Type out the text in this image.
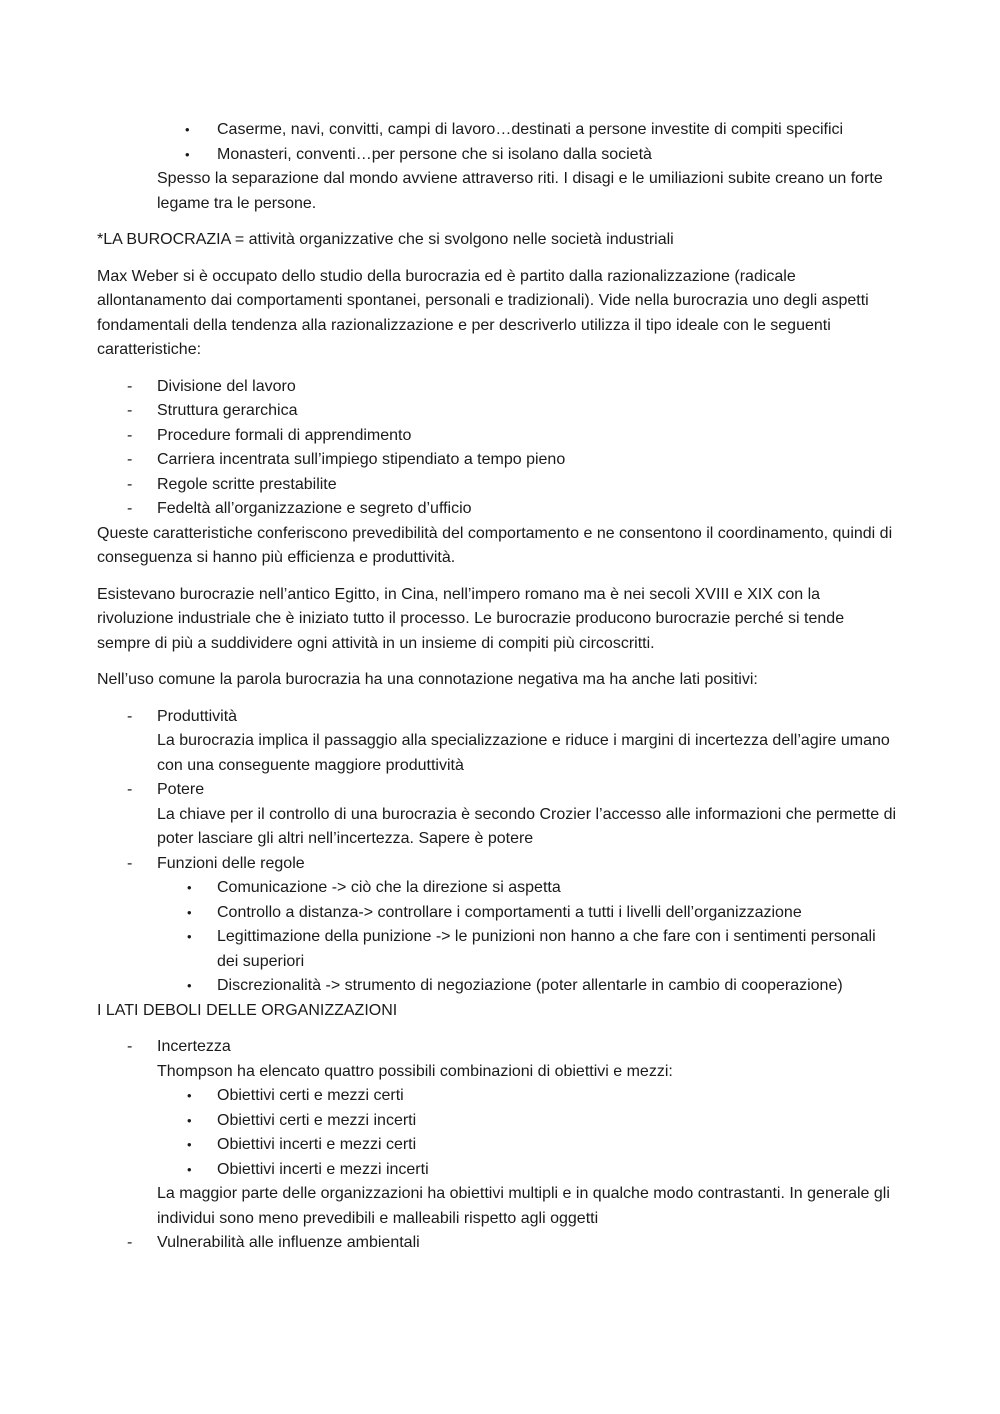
• Caserme, navi, convitti, campi di lavoro…destinati a persone investite di compiti specifici
• Monasteri, conventi…per persone che si isolano dalla società

Spesso la separazione dal mondo avviene attraverso riti. I disagi e le umiliazioni subite creano un forte legame tra le persone.

*LA BUROCRAZIA = attività organizzative che si svolgono nelle società industriali

Max Weber si è occupato dello studio della burocrazia ed è partito dalla razionalizzazione (radicale allontanamento dai comportamenti spontanei, personali e tradizionali). Vide nella burocrazia uno degli aspetti fondamentali della tendenza alla razionalizzazione e per descriverlo utilizza il tipo ideale con le seguenti caratteristiche:

-	Divisione del lavoro
-	Struttura gerarchica
-	Procedure formali di apprendimento
-	Carriera incentrata sull’impiego stipendiato a tempo pieno
-	Regole scritte prestabilite
-	Fedeltà all’organizzazione e segreto d’ufficio

Queste caratteristiche conferiscono prevedibilità del comportamento e ne consentono il coordinamento, quindi di conseguenza si hanno più efficienza e produttività.

Esistevano burocrazie nell’antico Egitto, in Cina, nell’impero romano ma è nei secoli XVIII e XIX con la rivoluzione industriale che è iniziato tutto il processo. Le burocrazie producono burocrazie perché si tende sempre di più a suddividere ogni attività in un insieme di compiti più circoscritti.

Nell’uso comune la parola burocrazia ha una connotazione negativa ma ha anche lati positivi:

-	Produttività
La burocrazia implica il passaggio alla specializzazione e riduce i margini di incertezza dell’agire umano con una conseguente maggiore produttività
-	Potere
La chiave per il controllo di una burocrazia è secondo Crozier l’accesso alle informazioni che permette di poter lasciare gli altri nell’incertezza. Sapere è potere
-	Funzioni delle regole
• Comunicazione -> ciò che la direzione si aspetta
• Controllo a distanza-> controllare i comportamenti a tutti i livelli dell’organizzazione
• Legittimazione della punizione -> le punizioni non hanno a che fare con i sentimenti personali dei superiori
• Discrezionalità -> strumento di negoziazione (poter allentarle in cambio di cooperazione)

I LATI DEBOLI DELLE ORGANIZZAZIONI

-	Incertezza
Thompson ha elencato quattro possibili combinazioni di obiettivi e mezzi:
• Obiettivi certi e mezzi certi
• Obiettivi certi e mezzi incerti
• Obiettivi incerti e mezzi certi
• Obiettivi incerti e mezzi incerti
La maggior parte delle organizzazioni ha obiettivi multipli e in qualche modo contrastanti. In generale gli individui sono meno prevedibili e malleabili rispetto agli oggetti
-	Vulnerabilità alle influenze ambientali
